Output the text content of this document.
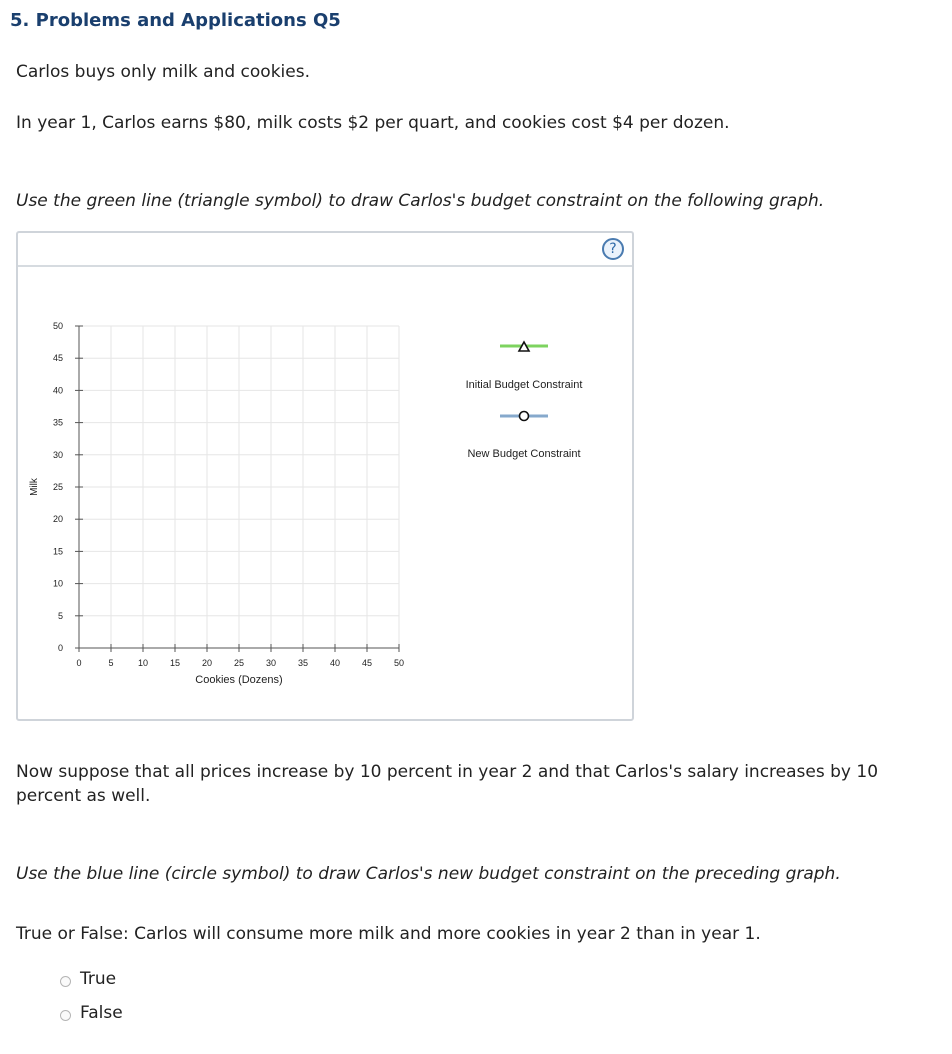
5. Problems and Applications Q5
Carlos buys only milk and cookies.
In year 1, Carlos earns $80, milk costs $2 per quart, and cookies cost $4 per dozen.
Use the green line (triangle symbol) to draw Carlos's budget constraint on the following graph.
?
0	5	10 15 20 25 30 35 40 45 50
0
5
10
15
20
25
30
35
40
45
50
Cookies (Dozens)
Milk
Initial Budget Constraint
New Budget Constraint
Now suppose that all prices increase by 10 percent in year 2 and that Carlos's salary increases by 10 percent as well.
Use the blue line (circle symbol) to draw Carlos's new budget constraint on the preceding graph.
True or False: Carlos will consume more milk and more cookies in year 2 than in year 1.
True
False
